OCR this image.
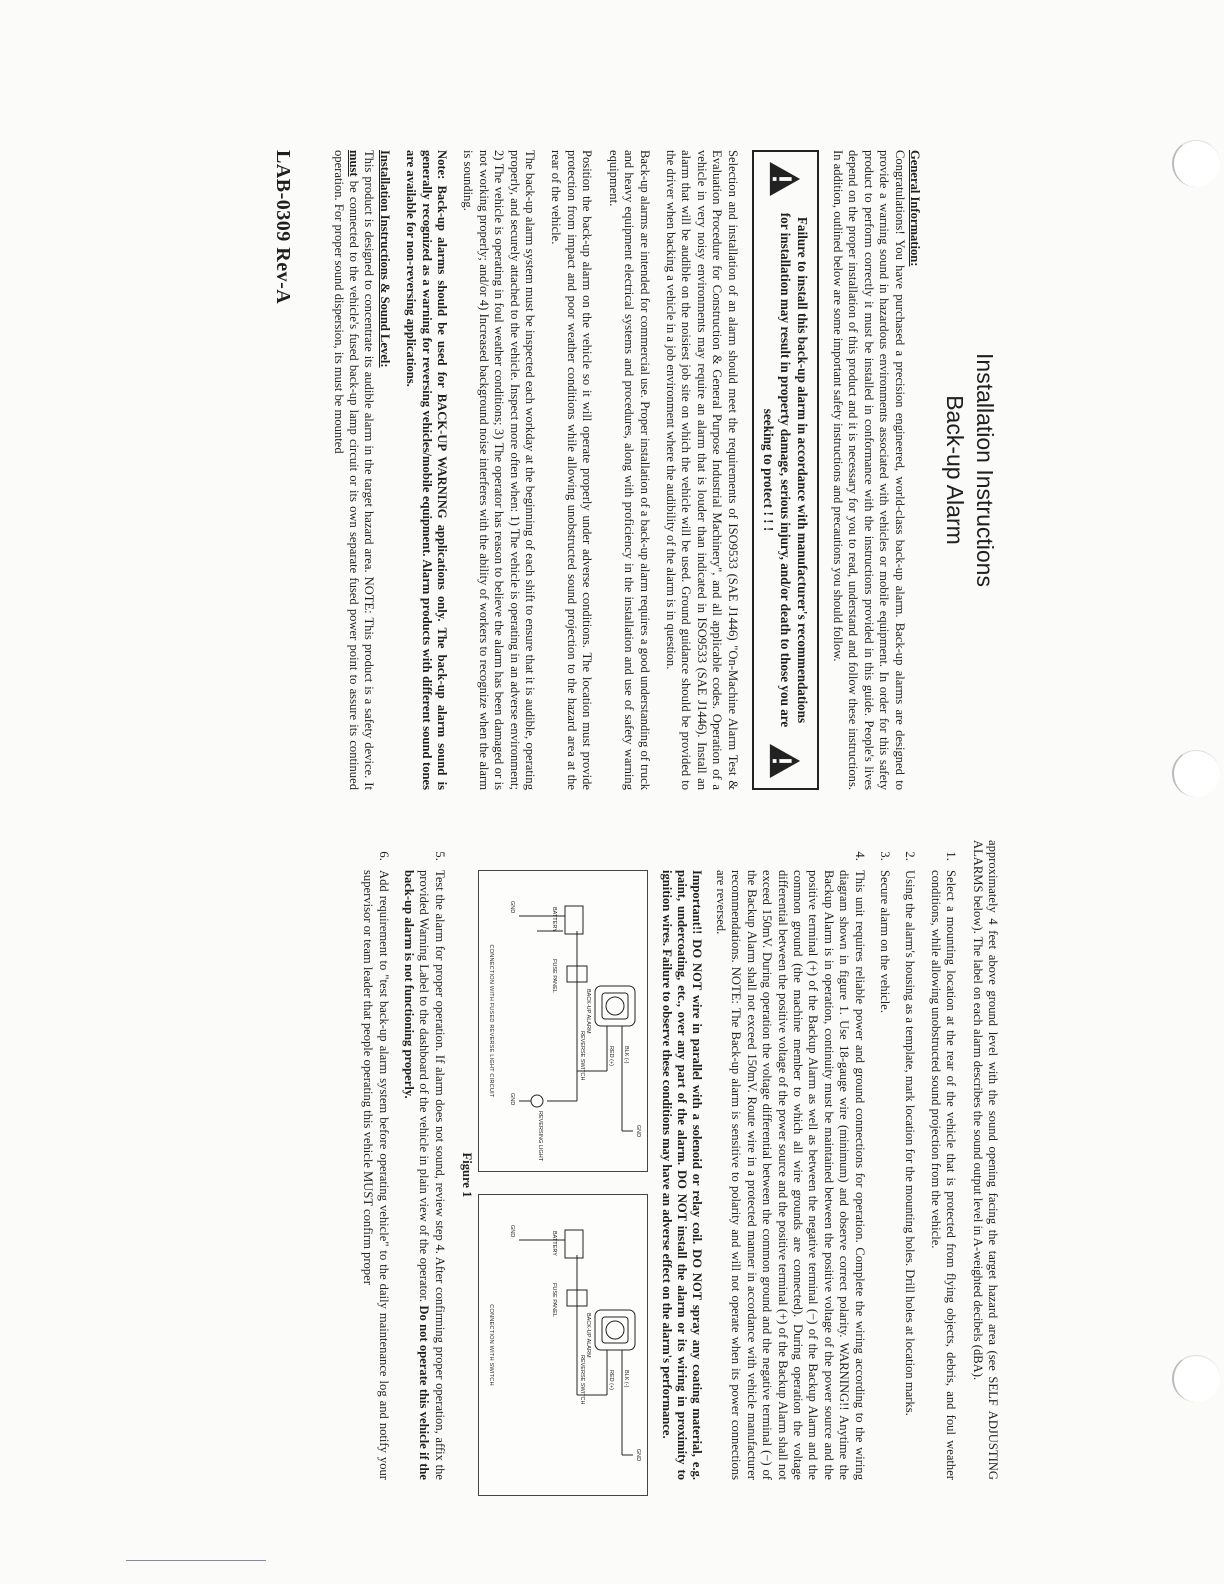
Installation Instructions
Back-up Alarm

General Information:
Congratulations! You have purchased a precision engineered, world-class back-up alarm. Back-up alarms are designed to provide a warning sound in hazardous environments associated with vehicles or mobile equipment. In order for this safety product to perform correctly it must be installed in conformance with the instructions provided in this guide. People's lives depend on the proper installation of this product and it is necessary for you to read, understand and follow these instructions. In addition, outlined below are some important safety instructions and precautions you should follow.

Failure to install this back-up alarm in accordance with manufacturer's recommendations for installation may result in property damage, serious injury, and/or death to those you are seeking to protect ! ! !

Selection and installation of an alarm should meet the requirements of ISO9533 (SAE J1446) "On-Machine Alarm Test & Evaluation Procedure for Construction & General Purpose Industrial Machinery", and all applicable codes. Operation of a vehicle in very noisy environments may require an alarm that is louder than indicated in ISO9533 (SAE J1446). Install an alarm that will be audible on the noisiest job site on which the vehicle will be used. Ground guidance should be provided to the driver when backing a vehicle in a job environment where the audibility of the alarm is in question.

Back-up alarms are intended for commercial use. Proper installation of a back-up alarm requires a good understanding of truck and heavy equipment electrical systems and procedures, along with proficiency in the installation and use of safety warning equipment.

Position the back-up alarm on the vehicle so it will operate properly under adverse conditions. The location must provide protection from impact and poor weather conditions while allowing unobstructed sound projection to the hazard area at the rear of the vehicle.

The back-up alarm system must be inspected each workday at the beginning of each shift to ensure that it is audible, operating properly, and securely attached to the vehicle. Inspect more often when: 1) The vehicle is operating in an adverse environment; 2) The vehicle is operating in foul weather conditions; 3) The operator has reason to believe the alarm has been damaged or is not working properly; and/or 4) Increased background noise interferes with the ability of workers to recognize when the alarm is sounding.

Note: Back-up alarms should be used for BACK-UP WARNING applications only. The back-up alarm sound is generally recognized as a warning for reversing vehicles/mobile equipment. Alarm products with different sound tones are available for non-reversing applications.

Installation Instructions & Sound Level:
This product is designed to concentrate its audible alarm in the target hazard area. NOTE: This product is a safety device. It must be connected to the vehicle's fused back-up lamp circuit or its own separate fused power point to assure its continued operation. For proper sound dispersion, its must be mounted

LAB-0309 Rev-A

approximately 4 feet above ground level with the sound opening facing the target hazard area (see SELF ADJUSTING ALARMS below). The label on each alarm describes the sound output level in A-weighted decibels (dBA).

1. Select a mounting location at the rear of the vehicle that is protected from flying objects, debris, and foul weather conditions, while allowing unobstructed sound projection from the vehicle.
2. Using the alarm's housing as a template, mark location for the mounting holes. Drill holes at location marks.
3. Secure alarm on the vehicle.
4. This unit requires reliable power and ground connections for operation. Complete the wiring according to the wiring diagram shown in figure 1. Use 18-gauge wire (minimum) and observe correct polarity. WARNING!! Anytime the Backup Alarm is in operation, continuity must be maintained between the positive voltage of the power source and the positive terminal (+) of the Backup Alarm as well as between the negative terminal (−) of the Backup Alarm and the common ground (the machine member to which all wire grounds are connected). During operation the voltage differential between the positive voltage of the power source and the positive terminal (+) of the Backup Alarm shall not exceed 150mV. During operation the voltage differential between the common ground and the negative terminal (−) of the Backup Alarm shall not exceed 150mV. Route wire in a protected manner in accordance with vehicle manufacturer recommendations. NOTE: The Back-up alarm is sensitive to polarity and will not operate when its power connections are reversed.
Important!! DO NOT wire in parallel with a solenoid or relay coil. DO NOT spray any coating material, e.g. paint, undercoating, etc., over any part of the alarm. DO NOT install the alarm or its wiring in proximity to ignition wires. Failure to observe these conditions may have an adverse effect on the alarm's performance.
GND
BLK (-)
RED (+)
BACK-UP ALARM
REVERSE SWITCH
REVERSING LIGHT
BATTERY
FUSE PANEL
GND
GND
CONNECTION WITH FUSED REVERSE LIGHT CIRCUIT
GND
BLK (-)
RED (+)
BACK-UP ALARM
REVERSE SWITCH
BATTERY
FUSE PANEL
GND
CONNECTION WITH SWITCH
Figure 1
5. Test the alarm for proper operation. If alarm does not sound, review step 4. After confirming proper operation, affix the provided Warning Label to the dashboard of the vehicle in plain view of the operator. Do not operate this vehicle if the back-up alarm is not functioning properly.
6. Add requirement to "test back-up alarm system before operating vehicle" to the daily maintenance log and notify your supervisor or team leader that people operating this vehicle MUST confirm proper
